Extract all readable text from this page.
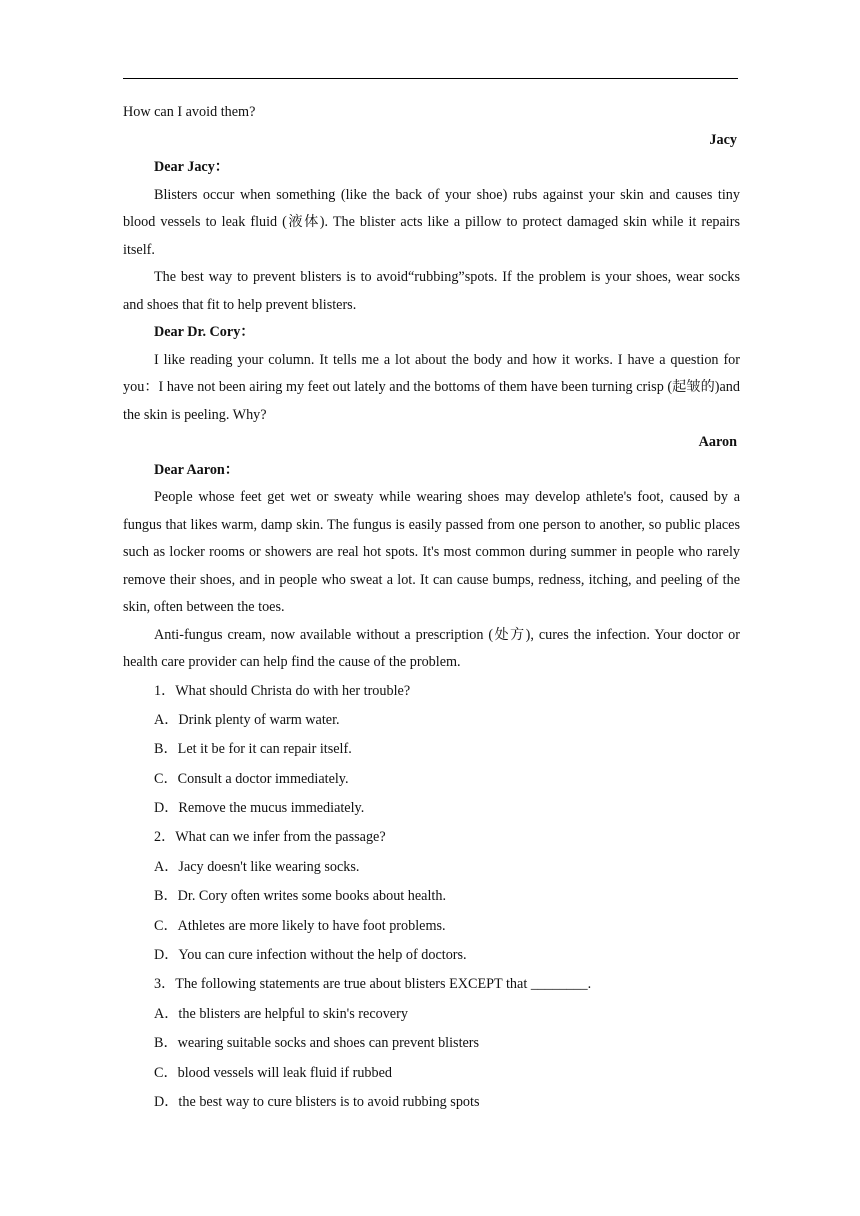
How can I avoid them?
Jacy
Dear Jacy：

Blisters occur when something (like the back of your shoe) rubs against your skin and causes tiny blood vessels to leak fluid (液体). The blister acts like a pillow to protect damaged skin while it repairs itself.

The best way to prevent blisters is to avoid“rubbing”spots. If the problem is your shoes, wear socks and shoes that fit to help prevent blisters.

Dear Dr. Cory：

I like reading your column. It tells me a lot about the body and how it works. I have a question for you：I have not been airing my feet out lately and the bottoms of them have been turning crisp (起皱的)and the skin is peeling. Why?

Aaron
Dear Aaron：

People whose feet get wet or sweaty while wearing shoes may develop athlete's foot, caused by a fungus that likes warm, damp skin. The fungus is easily passed from one person to another, so public places such as locker rooms or showers are real hot spots. It's most common during summer in people who rarely remove their shoes, and in people who sweat a lot. It can cause bumps, redness, itching, and peeling of the skin, often between the toes.

Anti-fungus cream, now available without a prescription (处方), cures the infection. Your doctor or health care provider can help find the cause of the problem.

1．What should Christa do with her trouble?
A．Drink plenty of warm water.
B．Let it be for it can repair itself.
C．Consult a doctor immediately.
D．Remove the mucus immediately.
2．What can we infer from the passage?
A．Jacy doesn't like wearing socks.
B．Dr. Cory often writes some books about health.
C．Athletes are more likely to have foot problems.
D．You can cure infection without the help of doctors.
3．The following statements are true about blisters EXCEPT that ________.
A．the blisters are helpful to skin's recovery
B．wearing suitable socks and shoes can prevent blisters
C．blood vessels will leak fluid if rubbed
D．the best way to cure blisters is to avoid rubbing spots
